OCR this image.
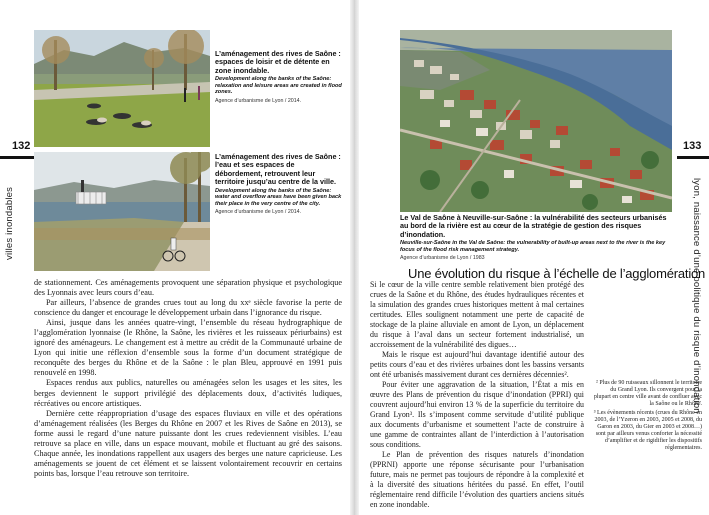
132
villes inondables

L’aménagement des rives de Saône : espaces de loisir et de détente en zone inondable.

Development along the banks of the Saône: relaxation and leisure areas are created in flood zones.

Agence d’urbanisme de Lyon / 2014.

L’aménagement des rives de Saône : l’eau et ses espaces de débordement, retrouvent leur territoire jusqu’au centre de la ville.

Development along the banks of the Saône: water and overflow areas have been given back their place in the very centre of the city.

Agence d’urbanisme de Lyon / 2014.

de stationnement. Ces aménagements provoquent une séparation physique et psychologique des Lyonnais avec leurs cours d’eau.

Par ailleurs, l’absence de grandes crues tout au long du xxᵉ siècle favorise la perte de conscience du danger et encourage le développement urbain dans l’ignorance du risque.

Ainsi, jusque dans les années quatre-vingt, l’ensemble du réseau hydrographique de l’agglomération lyonnaise (le Rhône, la Saône, les rivières et les ruisseaux périurbains) est ignoré des aménageurs. Le changement est à mettre au crédit de la Communauté urbaine de Lyon qui initie une réflexion d’ensemble sous la forme d’un document stratégique de reconquête des berges du Rhône et de la Saône : le plan Bleu, approuvé en 1991 puis renouvelé en 1998.

Espaces rendus aux publics, naturelles ou aménagées selon les usages et les sites, les berges deviennent le support privilégié des déplacements doux, d’activités ludiques, récréatives ou encore artistiques.

Dernière cette réappropriation d’usage des espaces fluviaux en ville et des opérations d’aménagement réalisées (les Berges du Rhône en 2007 et les Rives de Saône en 2013), se forme aussi le regard d’une nature puissante dont les crues redeviennent visibles. L’eau retrouve sa place en ville, dans un espace mouvant, mobile et fluctuant au gré des saisons. Chaque année, les inondations rappellent aux usagers des berges une nature capricieuse. Les aménagements se jouent de cet élément et se laissent volontairement recouvrir en certains points bas, lorsque l’eau retrouve son territoire.

133
lyon, naissance d’une politique du risque d’inondation

Le Val de Saône à Neuville-sur-Saône : la vulnérabilité des secteurs urbanisés au bord de la rivière est au cœur de la stratégie de gestion des risques d’inondation.

Neuville-sur-Saône in the Val de Saône: the vulnerability of built-up areas next to the river is the key focus of the flood risk management strategy.

Agence d’urbanisme de Lyon / 1983

Une évolution du risque à l’échelle de l’agglomération

Si le cœur de la ville centre semble relativement bien protégé des crues de la Saône et du Rhône, des études hydrauliques récentes et la simulation des grandes crues historiques mettent à mal certaines certitudes. Elles soulignent notamment une perte de capacité de stockage de la plaine alluviale en amont de Lyon, un déplacement du risque à l’aval dans un secteur fortement industrialisé, un accroissement de la vulnérabilité des digues…

Mais le risque est aujourd’hui davantage identifié autour des petits cours d’eau et des rivières urbaines dont les bassins versants ont été urbanisés massivement durant ces dernières décennies².

Pour éviter une aggravation de la situation, l’État a mis en œuvre des Plans de prévention du risque d’inondation (PPRI) qui couvrent aujourd’hui environ 13 % de la superficie du territoire du Grand Lyon³. Ils s’imposent comme servitude d’utilité publique aux documents d’urbanisme et soumettent l’acte de construire à une gamme de contraintes allant de l’interdiction à l’autorisation sous conditions.

Le Plan de prévention des risques naturels d’inondation (PPRNI) apporte une réponse sécurisante pour l’urbanisation future, mais ne permet pas toujours de répondre à la complexité et à la diversité des situations héritées du passé. En effet, l’outil réglementaire rend difficile l’évolution des quartiers anciens situés en zone inondable.

² Plus de 90 ruisseaux sillonnent le territoire du Grand Lyon. Ils convergent pour la plupart en centre ville avant de confluer avec la Saône ou le Rhône.

³ Les évènements récents (crues du Rhône en 2003, de l’Yzeron en 2003, 2005 et 2008, du Garon en 2003, du Gier en 2003 et 2008…) sont par ailleurs venus conforter la nécessité d’amplifier et de rigidifier les dispositifs réglementaires.
